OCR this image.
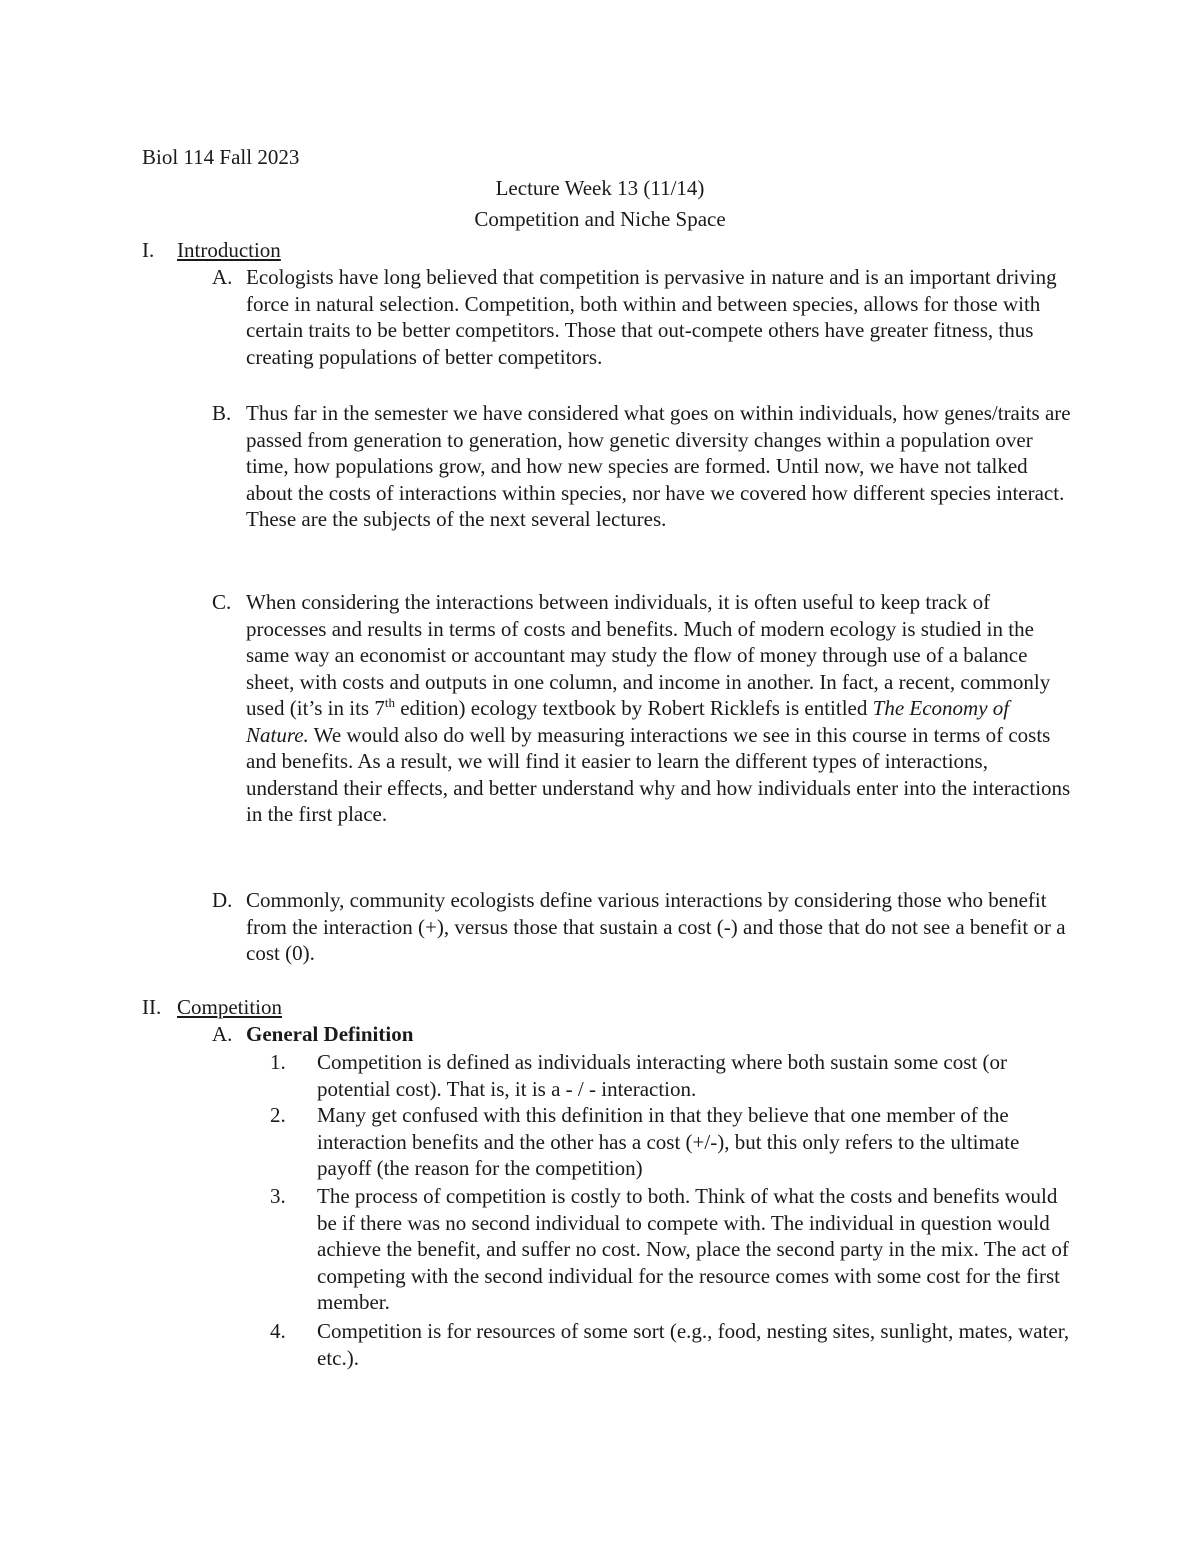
Biol 114 Fall 2023
Lecture Week 13 (11/14)
Competition and Niche Space
I. Introduction
A. Ecologists have long believed that competition is pervasive in nature and is an important driving force in natural selection. Competition, both within and between species, allows for those with certain traits to be better competitors. Those that out-compete others have greater fitness, thus creating populations of better competitors.
B. Thus far in the semester we have considered what goes on within individuals, how genes/traits are passed from generation to generation, how genetic diversity changes within a population over time, how populations grow, and how new species are formed. Until now, we have not talked about the costs of interactions within species, nor have we covered how different species interact. These are the subjects of the next several lectures.
C. When considering the interactions between individuals, it is often useful to keep track of processes and results in terms of costs and benefits. Much of modern ecology is studied in the same way an economist or accountant may study the flow of money through use of a balance sheet, with costs and outputs in one column, and income in another. In fact, a recent, commonly used (it’s in its 7th edition) ecology textbook by Robert Ricklefs is entitled The Economy of Nature. We would also do well by measuring interactions we see in this course in terms of costs and benefits. As a result, we will find it easier to learn the different types of interactions, understand their effects, and better understand why and how individuals enter into the interactions in the first place.
D. Commonly, community ecologists define various interactions by considering those who benefit from the interaction (+), versus those that sustain a cost (-) and those that do not see a benefit or a cost (0).
II. Competition
A. General Definition
1. Competition is defined as individuals interacting where both sustain some cost (or potential cost). That is, it is a - / - interaction.
2. Many get confused with this definition in that they believe that one member of the interaction benefits and the other has a cost (+/-), but this only refers to the ultimate payoff (the reason for the competition)
3. The process of competition is costly to both. Think of what the costs and benefits would be if there was no second individual to compete with. The individual in question would achieve the benefit, and suffer no cost. Now, place the second party in the mix. The act of competing with the second individual for the resource comes with some cost for the first member.
4. Competition is for resources of some sort (e.g., food, nesting sites, sunlight, mates, water, etc.).
